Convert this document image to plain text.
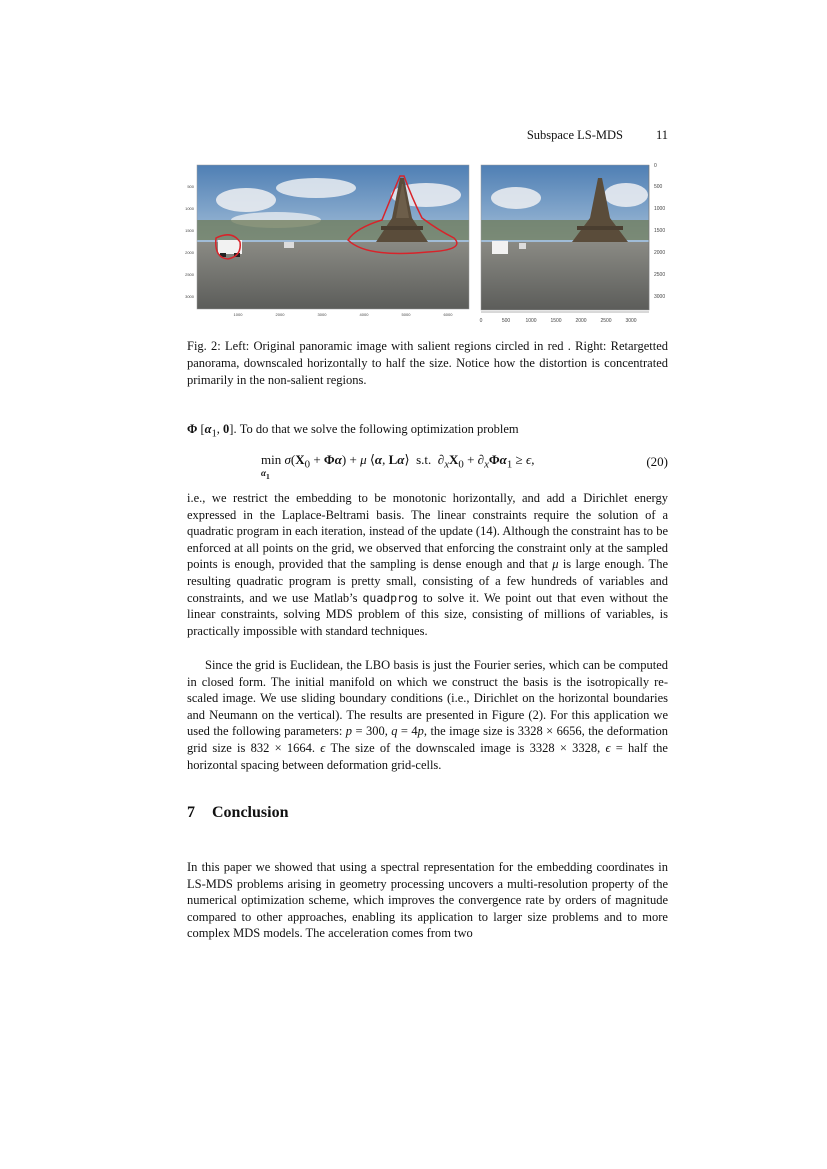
Subspace LS-MDS	11
500
1000
1500
2000
2500
3000
1000	2000	3000	4000	5000	6000
0
500
1000
1500
2000
2500
3000
0	500	1000	1500	2000	2500	3000
Fig. 2: Left: Original panoramic image with salient regions circled in red . Right: Retargetted panorama, downscaled horizontally to half the size. Notice how the distortion is concentrated primarily in the non-salient regions.
Φ [$\alpha_1$, 0]. To do that we solve the following optimization problem
min
$\alpha_1$
$\sigma(X_0 + \Phi\alpha) + \mu$ ⟨α, Lα⟩  s.t.  $\partial_xX_0 + \partial_x\Phi\alpha_1 \ge \epsilon$,	(20)
i.e., we restrict the embedding to be monotonic horizontally, and add a Dirichlet energy expressed in the Laplace-Beltrami basis. The linear constraints require the solution of a quadratic program in each iteration, instead of the update (14). Although the constraint has to be enforced at all points on the grid, we observed that enforcing the constraint only at the sampled points is enough, provided that the sampling is dense enough and that μ is large enough. The resulting quadratic program is pretty small, consisting of a few hundreds of variables and constraints, and we use Matlab’s quadprog to solve it. We point out that even without the linear constraints, solving MDS problem of this size, consisting of millions of variables, is practically impossible with standard techniques.
Since the grid is Euclidean, the LBO basis is just the Fourier series, which can be computed in closed form. The initial manifold on which we construct the basis is the isotropically re-scaled image. We use sliding boundary conditions (i.e., Dirichlet on the horizontal boundaries and Neumann on the vertical). The results are presented in Figure (2). For this application we used the following parameters: p = 300, q = 4p, the image size is 3328 × 6656, the deformation grid size is 832 × 1664. ϵ The size of the downscaled image is 3328 × 3328, ϵ = half the horizontal spacing between deformation grid-cells.
7 Conclusion
In this paper we showed that using a spectral representation for the embedding coordinates in LS-MDS problems arising in geometry processing uncovers a multi-resolution property of the numerical optimization scheme, which improves the convergence rate by orders of magnitude compared to other approaches, enabling its application to larger size problems and to more complex MDS models. The acceleration comes from two
